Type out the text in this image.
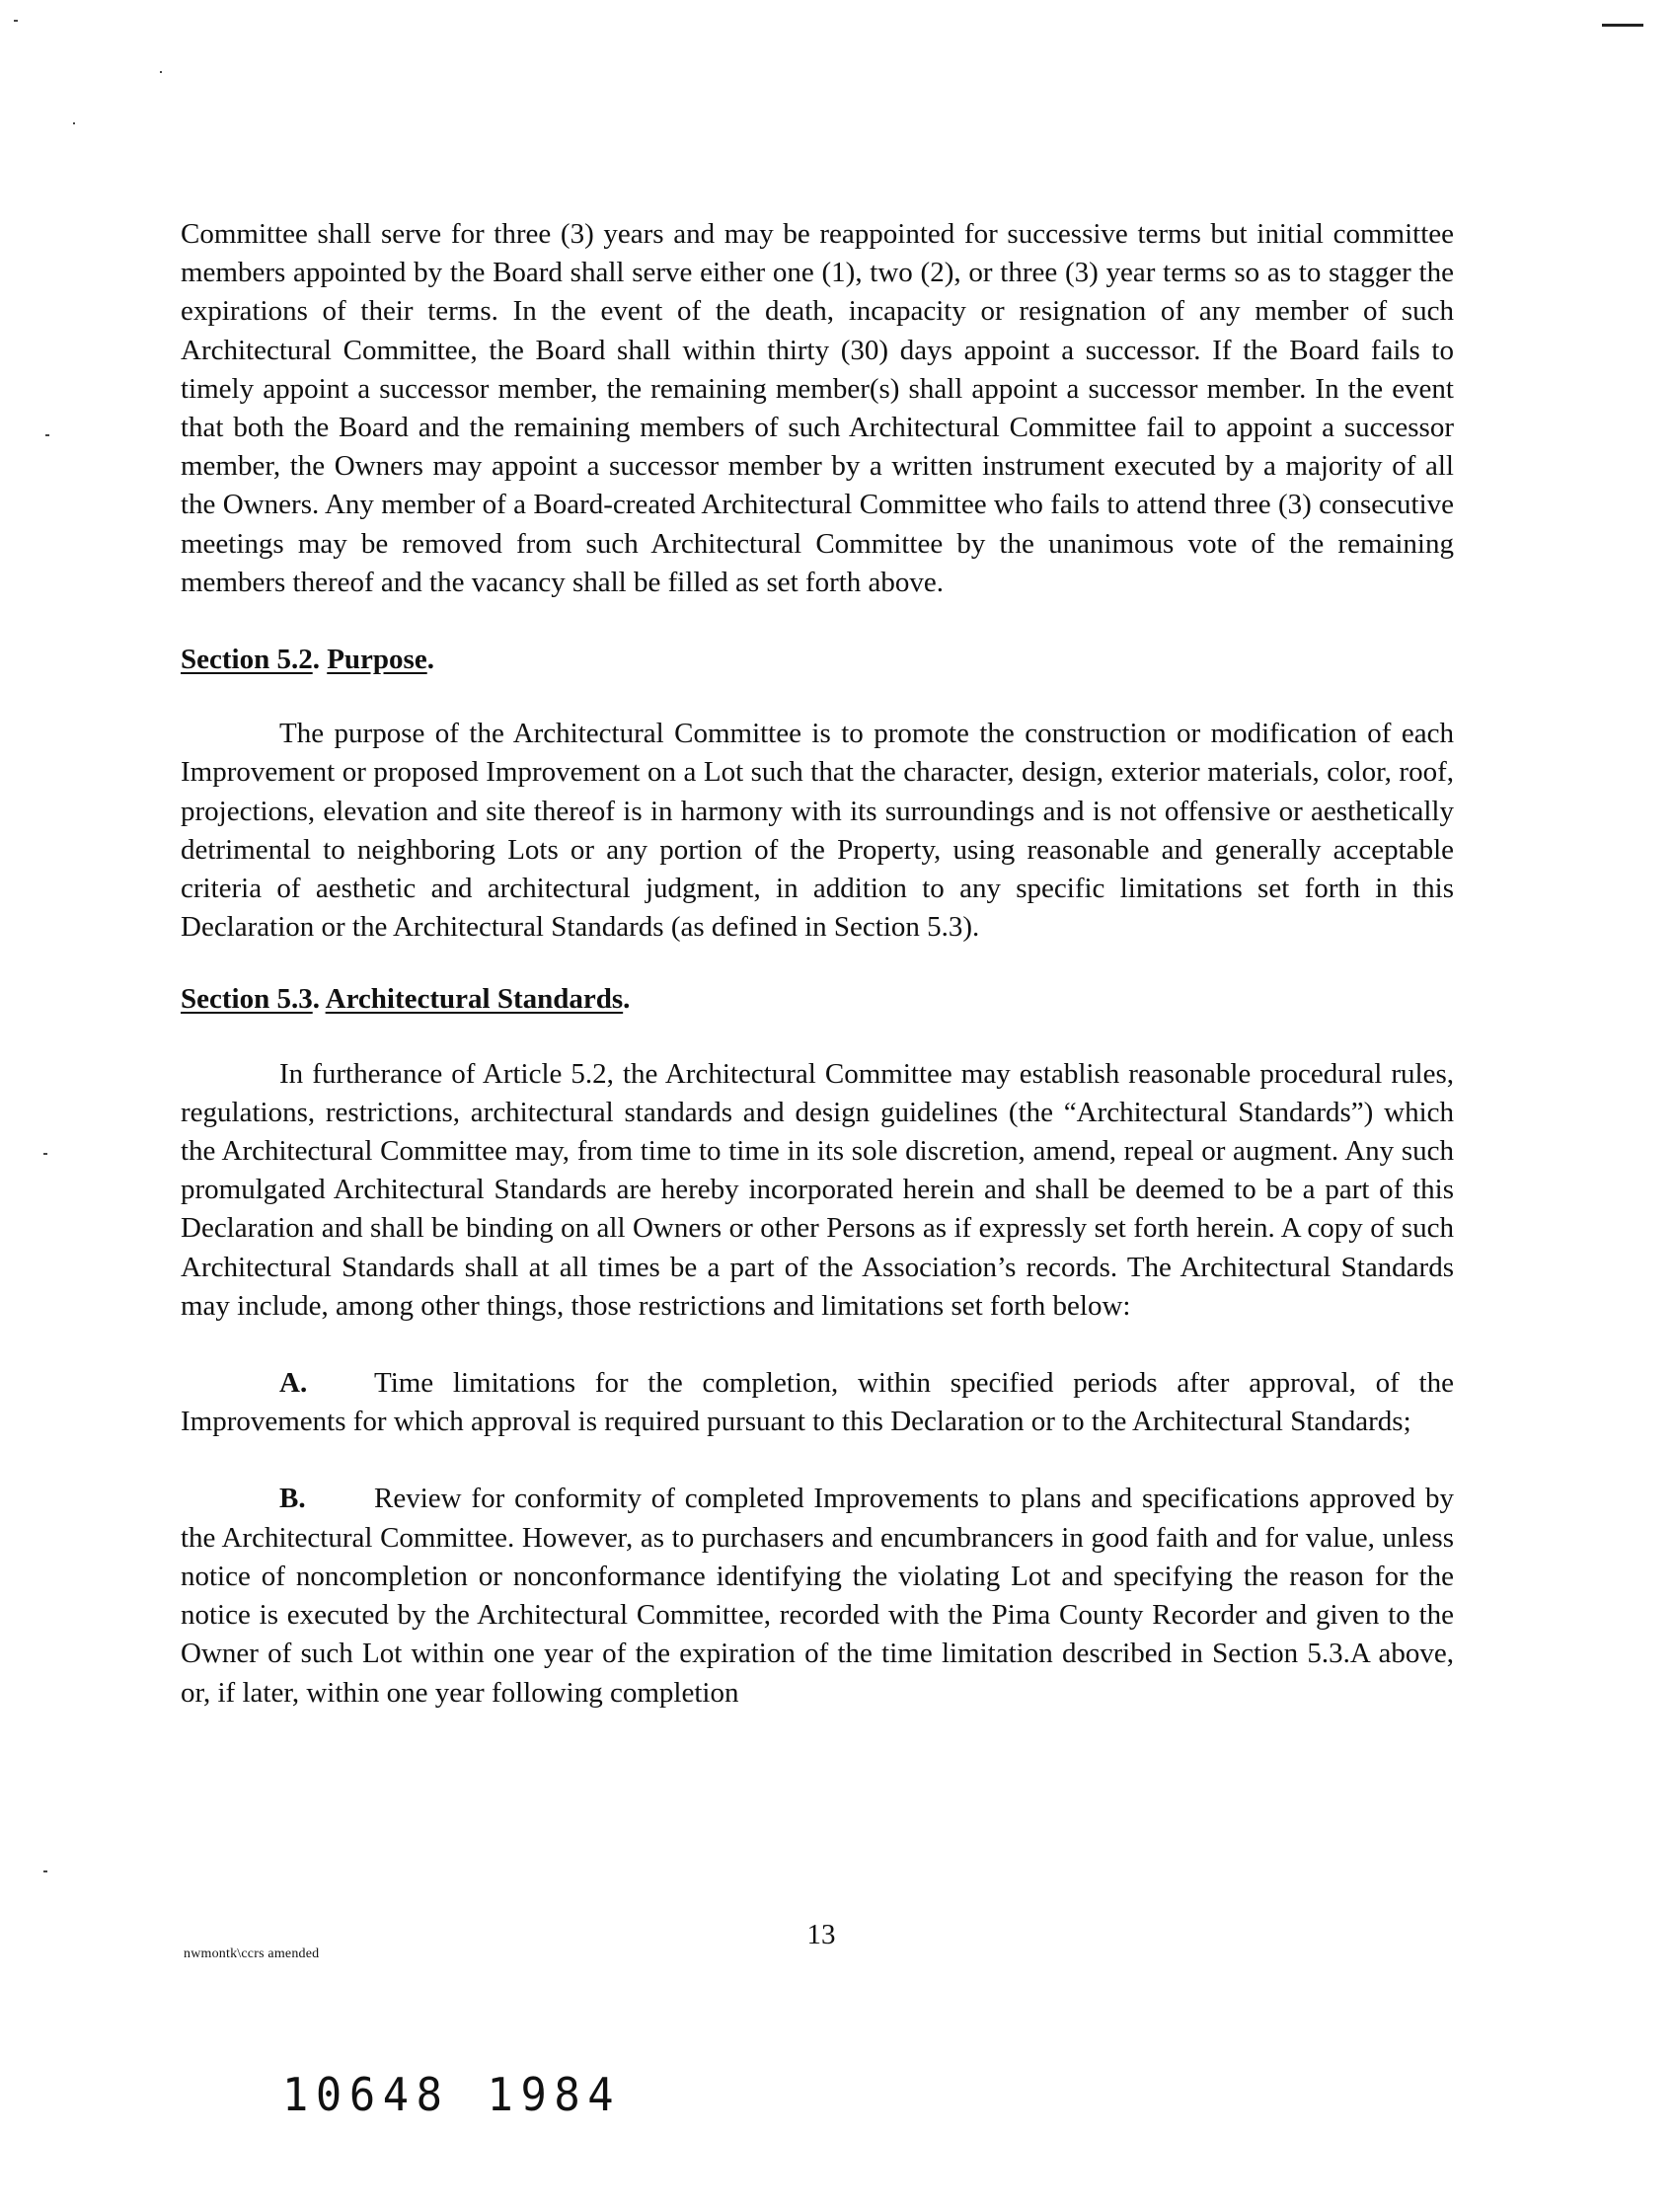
Committee shall serve for three (3) years and may be reappointed for successive terms but initial committee members appointed by the Board shall serve either one (1), two (2), or three (3) year terms so as to stagger the expirations of their terms. In the event of the death, incapacity or resignation of any member of such Architectural Committee, the Board shall within thirty (30) days appoint a successor. If the Board fails to timely appoint a successor member, the remaining member(s) shall appoint a successor member. In the event that both the Board and the remaining members of such Architectural Committee fail to appoint a successor member, the Owners may appoint a successor member by a written instrument executed by a majority of all the Owners. Any member of a Board-created Architectural Committee who fails to attend three (3) consecutive meetings may be removed from such Architectural Committee by the unanimous vote of the remaining members thereof and the vacancy shall be filled as set forth above.

Section 5.2. Purpose.

The purpose of the Architectural Committee is to promote the construction or modification of each Improvement or proposed Improvement on a Lot such that the character, design, exterior materials, color, roof, projections, elevation and site thereof is in harmony with its surroundings and is not offensive or aesthetically detrimental to neighboring Lots or any portion of the Property, using reasonable and generally acceptable criteria of aesthetic and architectural judgment, in addition to any specific limitations set forth in this Declaration or the Architectural Standards (as defined in Section 5.3).

Section 5.3. Architectural Standards.

In furtherance of Article 5.2, the Architectural Committee may establish reasonable procedural rules, regulations, restrictions, architectural standards and design guidelines (the “Architectural Standards”) which the Architectural Committee may, from time to time in its sole discretion, amend, repeal or augment. Any such promulgated Architectural Standards are hereby incorporated herein and shall be deemed to be a part of this Declaration and shall be binding on all Owners or other Persons as if expressly set forth herein. A copy of such Architectural Standards shall at all times be a part of the Association’s records. The Architectural Standards may include, among other things, those restrictions and limitations set forth below:

A. Time limitations for the completion, within specified periods after approval, of the Improvements for which approval is required pursuant to this Declaration or to the Architectural Standards;

B. Review for conformity of completed Improvements to plans and specifications approved by the Architectural Committee. However, as to purchasers and encumbrancers in good faith and for value, unless notice of noncompletion or nonconformance identifying the violating Lot and specifying the reason for the notice is executed by the Architectural Committee, recorded with the Pima County Recorder and given to the Owner of such Lot within one year of the expiration of the time limitation described in Section 5.3.A above, or, if later, within one year following completion

nwmontk\ccrs amended
13
10648 1984
